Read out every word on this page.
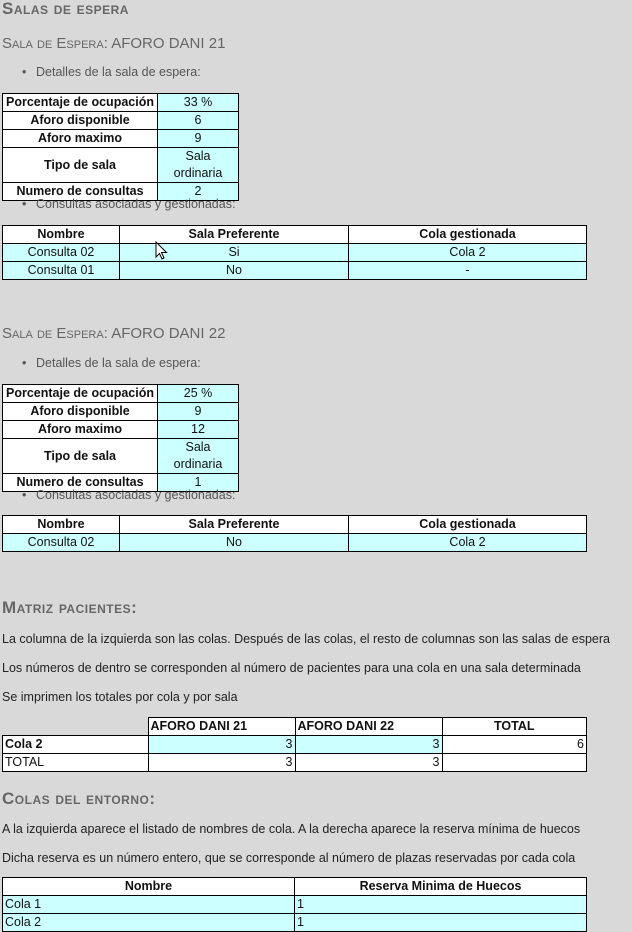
Salas de espera
Sala de Espera: AFORO DANI 21
• Detalles de la sala de espera:
Porcentaje de ocupación	33 %
Aforo disponible	6
Aforo maximo	9
Tipo de sala	Sala ordinaria
Numero de consultas	2
• Consultas asociadas y gestionadas:
Nombre	Sala Preferente	Cola gestionada
Consulta 02	Si	Cola 2
Consulta 01	No	-
Sala de Espera: AFORO DANI 22
• Detalles de la sala de espera:
Porcentaje de ocupación	25 %
Aforo disponible	9
Aforo maximo	12
Tipo de sala	Sala ordinaria
Numero de consultas	1
• Consultas asociadas y gestionadas:
Nombre	Sala Preferente	Cola gestionada
Consulta 02	No	Cola 2
Matriz pacientes:

La columna de la izquierda son las colas. Después de las colas, el resto de columnas son las salas de espera

Los números de dentro se corresponden al número de pacientes para una cola en una sala determinada

Se imprimen los totales por cola y por sala

	AFORO DANI 21	AFORO DANI 22	TOTAL
Cola 2	3	3	6
TOTAL	3	3	
Colas del entorno:

A la izquierda aparece el listado de nombres de cola. A la derecha aparece la reserva mínima de huecos

Dicha reserva es un número entero, que se corresponde al número de plazas reservadas por cada cola

Nombre	Reserva Minima de Huecos
Cola 1	1
Cola 2	1
